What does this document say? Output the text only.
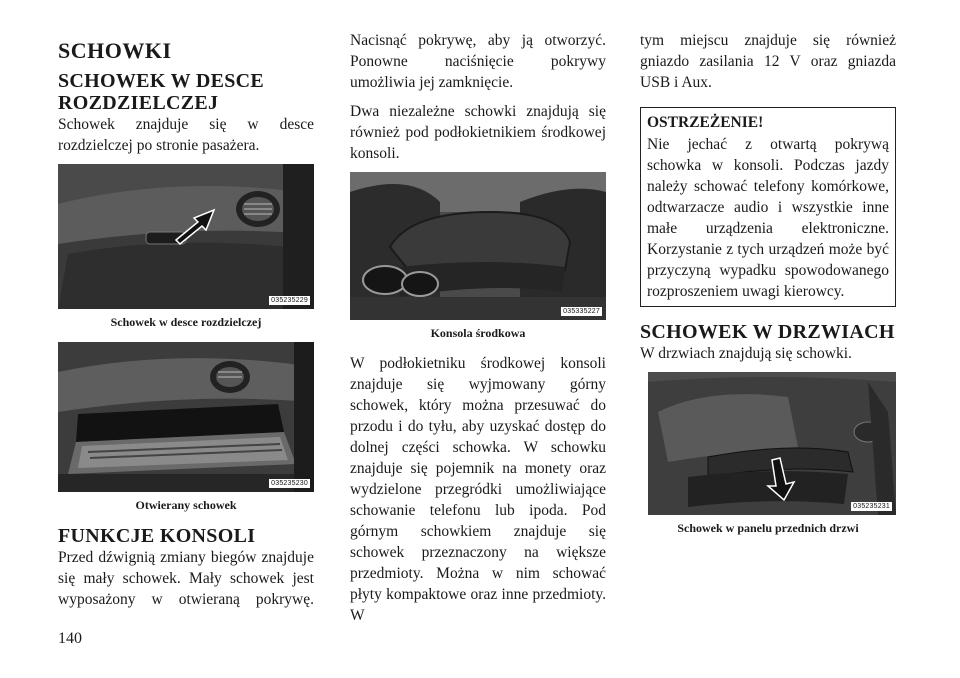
SCHOWKI
SCHOWEK W DESCE ROZDZIELCZEJ

Schowek znajduje się w desce rozdzielczej po stronie pasażera.

035235229
Schowek w desce rozdzielczej
035235230
Otwierany schowek
FUNKCJE KONSOLI

Przed dźwignią zmiany biegów znajduje się mały schowek. Mały schowek jest wyposażony w otwieraną pokrywę.

Nacisnąć pokrywę, aby ją otworzyć. Ponowne naciśnięcie pokrywy umożliwia jej zamknięcie.

Dwa niezależne schowki znajdują się również pod podłokietnikiem środkowej konsoli.

035335227
Konsola środkowa

W podłokietniku środkowej konsoli znajduje się wyjmowany górny schowek, który można przesuwać do przodu i do tyłu, aby uzyskać dostęp do dolnej części schowka. W schowku znajduje się pojemnik na monety oraz wydzielone przegródki umożliwiające schowanie telefonu lub ipoda. Pod górnym schowkiem znajduje się schowek przeznaczony na większe przedmioty. Można w nim schować płyty kompaktowe oraz inne przedmioty. W

tym miejscu znajduje się również gniazdo zasilania 12 V oraz gniazda USB i Aux.

OSTRZEŻENIE!

Nie jechać z otwartą pokrywą schowka w konsoli. Podczas jazdy należy schować telefony komórkowe, odtwarzacze audio i wszystkie inne małe urządzenia elektroniczne. Korzystanie z tych urządzeń może być przyczyną wypadku spowodowanego rozproszeniem uwagi kierowcy.

SCHOWEK W DRZWIACH

W drzwiach znajdują się schowki.

035235231
Schowek w panelu przednich drzwi
140
